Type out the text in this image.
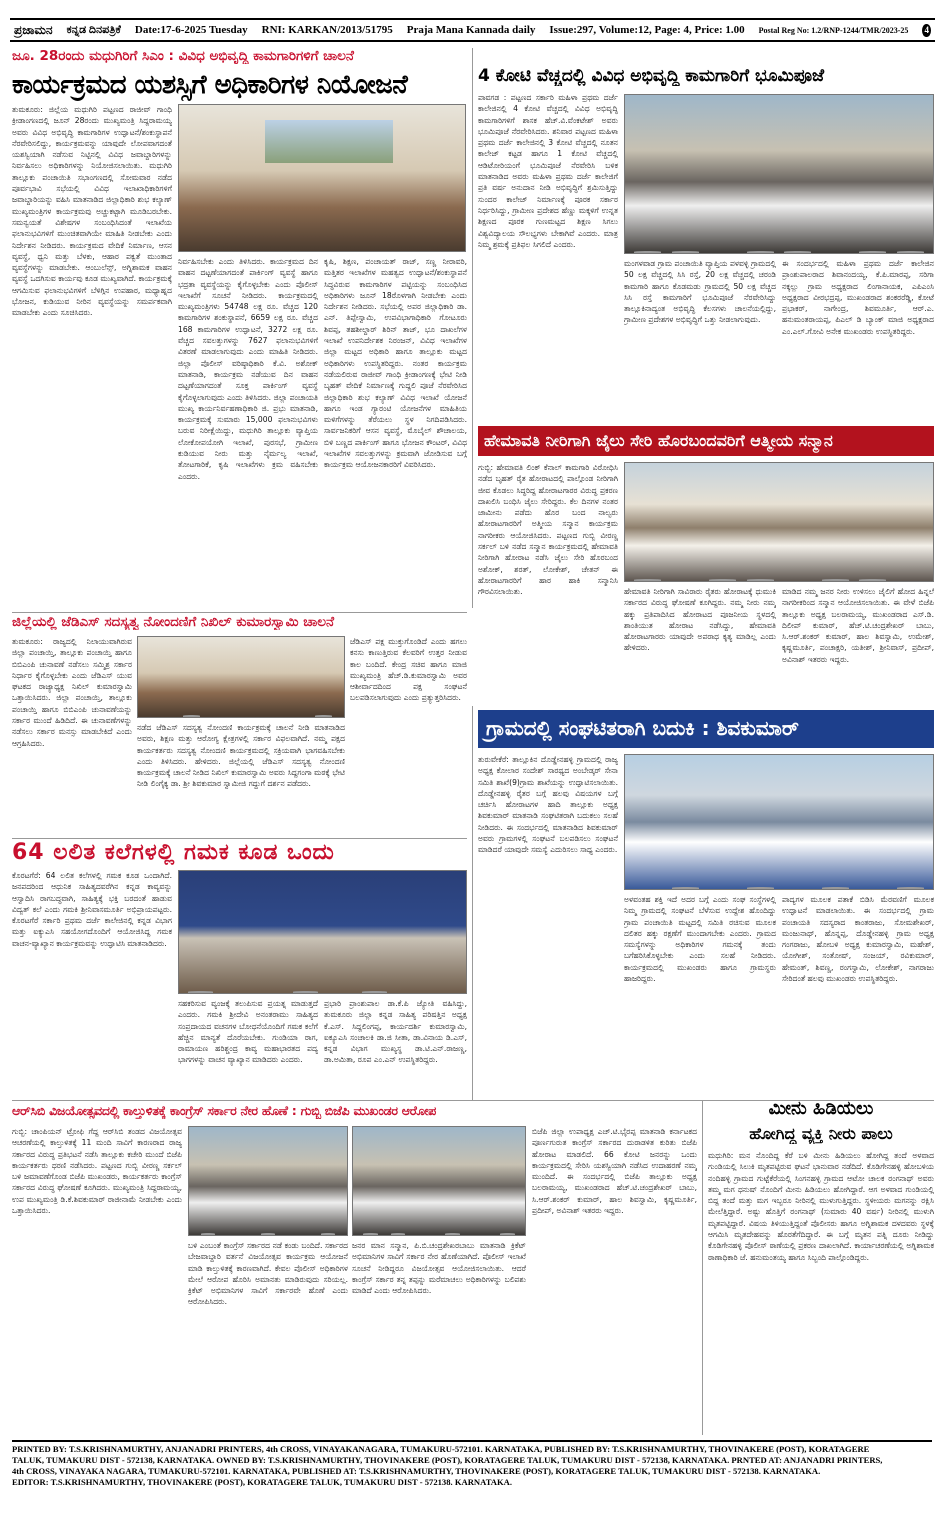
ಪ್ರಜಾಮನ ಕನ್ನಡ ದಿನಪತ್ರಿಕೆ Date:17-6-2025 Tuesday RNI: KARKAN/2013/51795 Praja Mana Kannada daily Issue:297, Volume:12, Page: 4, Price: 1.00 Postal Reg No: 1.2/RNP-1244/TMR/2023-25 4
ಜೂ. 28ರಂದು ಮಧುಗಿರಿಗೆ ಸಿಎಂ : ವಿವಿಧ ಅಭಿವೃದ್ಧಿ ಕಾಮಗಾರಿಗಳಿಗೆ ಚಾಲನೆ
ಕಾರ್ಯಕ್ರಮದ ಯಶಸ್ಸಿಗೆ ಅಧಿಕಾರಿಗಳ ನಿಯೋಜನೆ

ತುಮಕೂರು: ಜಿಲ್ಲೆಯ ಮಧುಗಿರಿ ಪಟ್ಟಣದ ರಾಜೀವ್ ಗಾಂಧಿ ಕ್ರೀಡಾಂಗಣದಲ್ಲಿ ಜೂನ್ 28ರಂದು ಮುಖ್ಯಮಂತ್ರಿ ಸಿದ್ದರಾಮಯ್ಯ ಅವರು ವಿವಿಧ ಅಭಿವೃದ್ಧಿ ಕಾಮಗಾರಿಗಳ ಉದ್ಘಾಟನೆ/ಶಂಕುಸ್ಥಾಪನೆ ನೆರವೇರಿಸಲಿದ್ದು, ಕಾರ್ಯಕ್ರಮವನ್ನು ಯಾವುದೇ ಲೋಪವಾಗದಂತೆ ಯಶಸ್ವಿಯಾಗಿ ನಡೆಸುವ ನಿಟ್ಟಿನಲ್ಲಿ ವಿವಿಧ ಜವಾಬ್ದಾರಿಗಳನ್ನು ನಿರ್ವಹಿಸಲು ಅಧಿಕಾರಿಗಳನ್ನು ನಿಯೋಜಿಸಲಾಯಿತು. ಮಧುಗಿರಿ ತಾಲ್ಲೂಕು ಪಂಚಾಯಿತಿ ಸಭಾಂಗಣದಲ್ಲಿ ಸೋಮವಾರ ನಡೆದ ಪೂರ್ವಭಾವಿ ಸಭೆಯಲ್ಲಿ ವಿವಿಧ ಇಲಾಖಾಧಿಕಾರಿಗಳಿಗೆ ಜವಾಬ್ದಾರಿಯನ್ನು ವಹಿಸಿ ಮಾತನಾಡಿದ ಜಿಲ್ಲಾಧಿಕಾರಿ ಶುಭ ಕಲ್ಯಾಣ್ ಮುಖ್ಯಮಂತ್ರಿಗಳ ಕಾರ್ಯಕ್ರಮವು ಅಚ್ಚುಕಟ್ಟಾಗಿ ಮೂಡಿಬರಬೇಕು. ಸಮನ್ವಯತೆ ವಿಶೇಷಗಳ ಸಂಬಂಧಿಸಿದಂತೆ ಇಲಾಖೆಯ ಫಲಾನುಭವಿಗಳಿಗೆ ಮುಂಚಿತವಾಗಿಯೇ ಮಾಹಿತಿ ನೀಡಬೇಕು ಎಂದು ನಿರ್ದೇಶನ ನೀಡಿದರು. ಕಾರ್ಯಕ್ರಮದ ವೇದಿಕೆ ನಿರ್ಮಾಣ, ಆಸನ ವ್ಯವಸ್ಥೆ, ಧ್ವನಿ ಮತ್ತು ಬೆಳಕು, ಆಹಾರ ಪಕ್ವತೆ ಮುಂತಾದ ವ್ಯವಸ್ಥೆಗಳನ್ನು ಮಾಡಬೇಕು. ಆಂಬುಲೆನ್ಸ್, ಅಗ್ನಿಶಾಮಕ ವಾಹನ ವ್ಯವಸ್ಥೆ ಒದಗಿಸುವ ಕಾರ್ಯವು ಕೂಡ ಮುಖ್ಯವಾಗಿದೆ. ಕಾರ್ಯಕ್ರಮಕ್ಕೆ ಆಗಮಿಸುವ ಫಲಾನುಭವಿಗಳಿಗೆ ಬೆಳಿಗ್ಗಿನ ಉಪಹಾರ, ಮಧ್ಯಾಹ್ನದ ಭೋಜನ, ಕುಡಿಯುವ ನೀರಿನ ವ್ಯವಸ್ಥೆಯನ್ನು ಸಮರ್ಪಕವಾಗಿ ಮಾಡಬೇಕು ಎಂದು ಸೂಚಿಸಿದರು.

ನಿರ್ವಹಿಸಬೇಕು ಎಂದು ತಿಳಿಸಿದರು. ಕಾರ್ಯಕ್ರಮದ ದಿನ ವಾಹನ ದಟ್ಟಣೆಯಾಗದಂತೆ ಪಾರ್ಕಿಂಗ್ ವ್ಯವಸ್ಥೆ ಹಾಗೂ ಭದ್ರತಾ ವ್ಯವಸ್ಥೆಯನ್ನು ಕೈಗೊಳ್ಳಬೇಕು ಎಂದು ಪೊಲೀಸ್ ಇಲಾಖೆಗೆ ಸೂಚನೆ ನೀಡಿದರು. ಕಾರ್ಯಕ್ರಮದಲ್ಲಿ ಮುಖ್ಯಮಂತ್ರಿಗಳು 54748 ಲಕ್ಷ ರೂ. ವೆಚ್ಚದ 120 ಕಾಮಗಾರಿಗಳ ಶಂಕುಸ್ಥಾಪನೆ, 6659 ಲಕ್ಷ ರೂ. ವೆಚ್ಚದ 168 ಕಾಮಗಾರಿಗಳ ಉದ್ಘಾಟನೆ, 3272 ಲಕ್ಷ ರೂ. ವೆಚ್ಚದ ಸವಲತ್ತುಗಳನ್ನು 7627 ಫಲಾನುಭವಿಗಳಿಗೆ ವಿತರಣೆ ಮಾಡಲಾಗುವುದು ಎಂದು ಮಾಹಿತಿ ನೀಡಿದರು. ಜಿಲ್ಲಾ ಪೊಲೀಸ್ ವರಿಷ್ಠಾಧಿಕಾರಿ ಕೆ.ವಿ. ಅಶೋಕ್ ಮಾತನಾಡಿ, ಕಾರ್ಯಕ್ರಮ ನಡೆಯುವ ದಿನ ವಾಹನ ದಟ್ಟಣೆಯಾಗದಂತೆ ಸೂಕ್ತ ಪಾರ್ಕಿಂಗ್ ವ್ಯವಸ್ಥೆ ಕೈಗೊಳ್ಳಲಾಗುವುದು ಎಂದು ತಿಳಿಸಿದರು. ಜಿಲ್ಲಾ ಪಂಚಾಯತಿ ಮುಖ್ಯ ಕಾರ್ಯನಿರ್ವಹಣಾಧಿಕಾರಿ ಜಿ. ಪ್ರಭು ಮಾತನಾಡಿ, ಕಾರ್ಯಕ್ರಮಕ್ಕೆ ಸುಮಾರು 15,000 ಫಲಾನುಭವಿಗಳು ಬರುವ ನಿರೀಕ್ಷೆಯಿದ್ದು, ಮಧುಗಿರಿ ತಾಲ್ಲೂಕು ವ್ಯಾಪ್ತಿಯ ಲೋಕೋಪಯೋಗಿ ಇಲಾಖೆ, ಪುರಸಭೆ, ಗ್ರಾಮೀಣ ಕುಡಿಯುವ ನೀರು ಮತ್ತು ನೈರ್ಮಲ್ಯ ಇಲಾಖೆ, ತೋಟಗಾರಿಕೆ, ಕೃಷಿ ಇಲಾಖೆಗಳು ಕ್ರಮ ವಹಿಸಬೇಕು ಎಂದರು.

ಕೃಷಿ, ಶಿಕ್ಷಣ, ಪಂಚಾಯತ್ ರಾಜ್, ಸಣ್ಣ ನೀರಾವರಿ, ಮತ್ತಿತರ ಇಲಾಖೆಗಳ ಮಹತ್ವದ ಉದ್ಘಾಟನೆ/ಶಂಕುಸ್ಥಾಪನೆ ಸಿದ್ಧವಿರುವ ಕಾಮಗಾರಿಗಳ ಪಟ್ಟಿಯನ್ನು ಸಂಬಂಧಿಸಿದ ಅಧಿಕಾರಿಗಳು ಜೂನ್ 18ರೊಳಗಾಗಿ ನೀಡಬೇಕು ಎಂದು ನಿರ್ದೇಶನ ನೀಡಿದರು. ಸಭೆಯಲ್ಲಿ ಅಪರ ಜಿಲ್ಲಾಧಿಕಾರಿ ಡಾ. ಎನ್. ತಿಪ್ಪೇಸ್ವಾಮಿ, ಉಪವಿಭಾಗಾಧಿಕಾರಿ ಗೋಟೂರು ಶಿವಪ್ಪ, ತಹಶೀಲ್ದಾರ್ ಶಿರಿನ್ ತಾಜ್, ಭೂ ದಾಖಲೆಗಳ ಇಲಾಖೆ ಉಪನಿರ್ದೇಶಕ ನಿರಂಜನ್, ವಿವಿಧ ಇಲಾಖೆಗಳ ಜಿಲ್ಲಾ ಮಟ್ಟದ ಅಧಿಕಾರಿ ಹಾಗೂ ತಾಲ್ಲೂಕು ಮಟ್ಟದ ಅಧಿಕಾರಿಗಳು ಉಪಸ್ಥಿತರಿದ್ದರು. ನಂತರ ಕಾರ್ಯಕ್ರಮ ನಡೆಯಲಿರುವ ರಾಜೀವ್ ಗಾಂಧಿ ಕ್ರೀಡಾಂಗಣಕ್ಕೆ ಭೇಟಿ ನೀಡಿ ಬೃಹತ್ ವೇದಿಕೆ ನಿರ್ಮಾಣಕ್ಕೆ ಗುದ್ದಲಿ ಪೂಜೆ ನೆರವೇರಿಸಿದ ಜಿಲ್ಲಾಧಿಕಾರಿ ಶುಭ ಕಲ್ಯಾಣ್ ವಿವಿಧ ಇಲಾಖೆ ಯೋಜನೆ ಹಾಗೂ ಇಂಡ ಗ್ಯಾರಂಟಿ ಯೋಜನೆಗಳ ಮಾಹಿತಿಯ ಮಳಿಗೆಗಳನ್ನು ತೆರೆಯಲು ಸ್ಥಳ ನಿಗದಿಪಡಿಸಿದರು. ಸಾರ್ವಜನಿಕರಿಗೆ ಆಸನ ವ್ಯವಸ್ಥೆ, ಮೊಬೈಲ್ ಶೌಚಾಲಯ, ಬಿಳಿ ಬಣ್ಣದ ಪಾರ್ಕಿಂಗ್ ಹಾಗೂ ಭೋಜನ ಕೌಂಟರ್, ವಿವಿಧ ಇಲಾಖೆಗಳ ಸವಲತ್ತುಗಳನ್ನು ಕ್ರಮವಾಗಿ ಜೋಡಿಸುವ ಬಗ್ಗೆ ಕಾರ್ಯಕ್ರಮ ಆಯೋಜನಕಾರರಿಗೆ ವಿವರಿಸಿದರು.

4 ಕೋಟಿ ವೆಚ್ಚದಲ್ಲಿ ವಿವಿಧ ಅಭಿವೃದ್ಧಿ ಕಾಮಗಾರಿಗೆ ಭೂಮಿಪೂಜೆ

ಪಾವಗಡ : ಪಟ್ಟಣದ ಸರ್ಕಾರಿ ಮಹಿಳಾ ಪ್ರಥಮ ದರ್ಜೆ ಕಾಲೇಜಿನಲ್ಲಿ 4 ಕೋಟಿ ವೆಚ್ಚದಲ್ಲಿ ವಿವಿಧ ಅಭಿವೃದ್ಧಿ ಕಾಮಗಾರಿಗಳಿಗೆ ಶಾಸಕ ಹೆಚ್.ವಿ.ವೆಂಕಟೇಶ್ ಅವರು ಭೂಮಿಪೂಜೆ ನೆರವೇರಿಸಿದರು. ಶನಿವಾರ ಪಟ್ಟಣದ ಮಹಿಳಾ ಪ್ರಥಮ ದರ್ಜೆ ಕಾಲೇಜಿನಲ್ಲಿ 3 ಕೋಟಿ ವೆಚ್ಚದಲ್ಲಿ ನೂತನ ಕಾಲೇಜ್ ಕಟ್ಟಡ ಹಾಗೂ 1 ಕೋಟಿ ವೆಚ್ಚದಲ್ಲಿ ಆಡಿಟೋರಿಯಂಗೆ ಭೂಮಿಪೂಜೆ ನೆರವೇರಿಸಿ ಬಳಿಕ ಮಾತನಾಡಿದ ಅವರು ಮಹಿಳಾ ಪ್ರಥಮ ದರ್ಜೆ ಕಾಲೇಜಿಗೆ ಪ್ರತಿ ವರ್ಷ ಅನುದಾನ ನೀಡಿ ಅಭಿವೃದ್ಧಿಗೆ ಶ್ರಮಿಸುತ್ತಿದ್ದು ಸುಂದರ ಕಾಲೇಜ್ ನಿರ್ಮಾಣಕ್ಕೆ ಪೂರಕ ಸರ್ಕಾರ ನಿರ್ಧರಿಸಿದ್ದು, ಗ್ರಾಮೀಣ ಪ್ರದೇಶದ ಹೆಣ್ಣು ಮಕ್ಕಳಿಗೆ ಉನ್ನತ ಶಿಕ್ಷಣದ ಪೂರಕ ಗುಣಮಟ್ಟದ ಶಿಕ್ಷಣ ಸಿಗಲು ವಿಶ್ವವಿದ್ಯಾಲಯ ಸೌಲಭ್ಯಗಳು ಬೇಕಾಗಿವೆ ಎಂದರು. ಮಾತ್ರ ನಿಮ್ಮ ಶ್ರಮಕ್ಕೆ ಪ್ರತಿಫಲ ಸಿಗಲಿದೆ ಎಂದರು.

ಮಂಗಳವಾಡ ಗ್ರಾಮ ಪಂಚಾಯಿತಿ ವ್ಯಾಪ್ತಿಯ ಪಳವಳ್ಳಿ ಗ್ರಾಮದಲ್ಲಿ 50 ಲಕ್ಷ ವೆಚ್ಚದಲ್ಲಿ ಸಿಸಿ ರಸ್ತೆ, 20 ಲಕ್ಷ ವೆಚ್ಚದಲ್ಲಿ ಚರಂಡಿ ಕಾಮಗಾರಿ ಹಾಗೂ ಕೊಡಮಡು ಗ್ರಾಮದಲ್ಲಿ 50 ಲಕ್ಷ ವೆಚ್ಚದ ಸಿಸಿ ರಸ್ತೆ ಕಾಮಗಾರಿಗೆ ಭೂಮಿಪೂಜೆ ನೆರವೇರಿಸಿದ್ದು ತಾಲ್ಲೂಕಿನಾದ್ಯಂತ ಅಭಿವೃದ್ಧಿ ಕೆಲಸಗಳು ಚಾಲನೆಯಲ್ಲಿದ್ದು, ಗ್ರಾಮೀಣ ಪ್ರದೇಶಗಳ ಅಭಿವೃದ್ಧಿಗೆ ಒತ್ತು ನೀಡಲಾಗುವುದು.

ಈ ಸಂದರ್ಭದಲ್ಲಿ ಮಹಿಳಾ ಪ್ರಥಮ ದರ್ಜೆ ಕಾಲೇಜಿನ ಪ್ರಾಂಶುಪಾಲರಾದ ಶಿವಾನಂದಯ್ಯ, ಕೆ.ಪಿ.ಮಾರಪ್ಪ, ಸರಿಗಾ ನಕ್ಕಲ್ಲು ಗ್ರಾಮ ಅಧ್ಯಕ್ಷರಾದ ಲಿಂಗಾನಾಯಕ, ಎಪಿಎಂಸಿ ಅಧ್ಯಕ್ಷರಾದ ವೀರಭದ್ರಪ್ಪ, ಮುಖಂಡರಾದ ಶಂಕರರೆಡ್ಡಿ, ಕೋಟೆ ಪ್ರಭಾಕರ್, ನಾಗೇಂದ್ರ, ಶಿವಮೂರ್ತಿ, ಆರ್.ಎ. ಹನುಮಂತರಾಯಪ್ಪ, ಪಿಎಲ್ ಡಿ ಬ್ಯಾಂಕ್ ಮಾಜಿ ಅಧ್ಯಕ್ಷರಾದ ಎಂ.ಎಲ್.ಗೋವಿ ಅನೇಕ ಮುಖಂಡರು ಉಪಸ್ಥಿತರಿದ್ದರು.

ಹೇಮಾವತಿ ನೀರಿಗಾಗಿ ಜೈಲು ಸೇರಿ ಹೊರಬಂದವರಿಗೆ ಆತ್ಮೀಯ ಸನ್ಮಾನ

ಗುಬ್ಬಿ: ಹೇಮಾವತಿ ಲಿಂಕ್ ಕೆನಾಲ್ ಕಾಮಗಾರಿ ವಿರೋಧಿಸಿ ನಡೆದ ಬೃಹತ್ ರೈತ ಹೋರಾಟದಲ್ಲಿ ಪಾಲ್ಗೊಂಡ ನೀರಿಗಾಗಿ ಜೀವ ಕೊಡಲು ಸಿದ್ಧರಿದ್ದ ಹೋರಾಟಗಾರರ ವಿರುದ್ಧ ಪ್ರಕರಣ ದಾಖಲಿಸಿ ಬಂಧಿಸಿ ಜೈಲು ಸೇರಿದ್ದರು. ಕೆಲ ದಿನಗಳ ನಂತರ ಜಾಮೀನು ಪಡೆದು ಹೊರ ಬಂದ ನಾಲ್ವರು ಹೋರಾಟಗಾರರಿಗೆ ಅತ್ಮೀಯ ಸನ್ಮಾನ ಕಾರ್ಯಕ್ರಮ ನಾಗರೀಕರು ಆಯೋಜಿಸಿದರು. ಪಟ್ಟಣದ ಗುಬ್ಬಿ ವೀರಣ್ಣ ಸರ್ಕಲ್ ಬಳಿ ನಡೆದ ಸನ್ಮಾನ ಕಾರ್ಯಕ್ರಮದಲ್ಲಿ ಹೇಮಾವತಿ ನೀರಿಗಾಗಿ ಹೋರಾಟ ನಡೆಸಿ ಜೈಲು ಸೇರಿ ಹೊರಬಂದ ಅಶೋಕ್, ಶರತ್, ಲೋಕೇಶ್, ಚೇತನ್ ಈ ಹೋರಾಟಗಾರರಿಗೆ ಹಾರ ಹಾಕಿ ಸನ್ಮಾನಿಸಿ ಗೌರವಿಸಲಾಯಿತು.	ಹೇಮಾವತಿ ನೀರಿಗಾಗಿ ಸಾವಿರಾರು ರೈತರು ಹೋರಾಟಕ್ಕೆ ಧುಮುಕಿ ಸರ್ಕಾರದ ವಿರುದ್ಧ ಘೋಷಣೆ ಕೂಗಿದ್ದರು. ನಮ್ಮ ನೀರು ನಮ್ಮ ಹಕ್ಕು ಪ್ರತಿಪಾದಿಸಿದ ಹೋರಾಟದ ಪೂಜನೀಯ ಸ್ಥಳದಲ್ಲಿ ಶಾಂತಿಯುತ ಹೋರಾಟ ನಡೆಸಿದ್ದು, ಹೇಮಾವತಿ ಹೋರಾಟಗಾರರು ಯಾವುದೇ ಅಪರಾಧ ಕೃತ್ಯ ಮಾಡಿಲ್ಲ ಎಂದು ಹೇಳಿದರು.

ಮಾಡಿದ ನಮ್ಮ ಜನರ ನೀರು ಉಳಿಸಲು ಜೈಲಿಗೆ ಹೋದ ಹಿನ್ನಲೆ ನಾಗರೀಕರಿಂದ ಸನ್ಮಾನ ಆಯೋಜಿಸಲಾಯಿತು. ಈ ವೇಳೆ ಬಿಜೆಪಿ ತಾಲ್ಲೂಕು ಅಧ್ಯಕ್ಷ ಬಲರಾಮಯ್ಯ, ಮುಖಂಡರಾದ ಎಸ್.ಡಿ. ದಿಲೀಪ್ ಕುಮಾರ್, ಹೆಚ್.ಟಿ.ಚಂದ್ರಶೇಖರ್ ಬಾಬು, ಸಿ.ಆರ್.ಶಂಕರ್ ಕುಮಾರ್, ಹಾಲ ಶಿವಸ್ವಾಮಿ, ಉಮೇಶ್, ಕೃಷ್ಣಮೂರ್ತಿ, ಪಂಚಾಕ್ಷರಿ, ಯತೀಶ್, ಶ್ರೀನಿವಾಸ್, ಪ್ರದೀಪ್, ಅವಿನಾಶ್ ಇತರರು ಇದ್ದರು.

ಜಿಲ್ಲೆಯಲ್ಲಿ ಜೆಡಿಎಸ್ ಸದಸ್ಯತ್ವ ನೋಂದಣಿಗೆ ನಿಖಿಲ್ ಕುಮಾರಸ್ವಾಮಿ ಚಾಲನೆ

ತುಮಕೂರು: ರಾಜ್ಯದಲ್ಲಿ ನಿಲಾಯುವಾಗಿರುವ ಜಿಲ್ಲಾ ಪಂಚಾಯ್ತಿ, ತಾಲ್ಲೂಕು ಪಂಚಾಯ್ತಿ ಹಾಗೂ ಬಿಬಿಎಂಪಿ ಚುನಾವಣೆ ನಡೆಸಲು ಸಮ್ಮಿಶ್ರ ಸರ್ಕಾರ ನಿರ್ಧಾರ ಕೈಗೊಳ್ಳಬೇಕು ಎಂದು ಜೆಡಿಎಸ್ ಯುವ ಘಟಕದ ರಾಜ್ಯಾಧ್ಯಕ್ಷ ನಿಖಿಲ್ ಕುಮಾರಸ್ವಾಮಿ ಒತ್ತಾಯಿಸಿದರು. ಜಿಲ್ಲಾ ಪಂಚಾಯ್ತಿ, ತಾಲ್ಲೂಕು ಪಂಚಾಯ್ತಿ ಹಾಗೂ ಬಿಬಿಎಂಪಿ ಚುನಾವಣೆಯನ್ನು ಸರ್ಕಾರ ಮುಂದೆ ಹಿಡಿದಿದೆ. ಈ ಚುನಾವಣೆಗಳನ್ನು ನಡೆಸಲು ಸರ್ಕಾರ ಮನಸ್ಸು ಮಾಡಬೇಕಿದೆ ಎಂದು ಆಗ್ರಹಿಸಿದರು.

ನಡೆದ ಜೆಡಿಎಸ್ ಸದಸ್ಯತ್ವ ನೋಂದಣಿ ಕಾರ್ಯಕ್ರಮಕ್ಕೆ ಚಾಲನೆ ನೀಡಿ ಮಾತನಾಡಿದ ಅವರು, ಶಿಕ್ಷಣ ಮತ್ತು ಆರೋಗ್ಯ ಕ್ಷೇತ್ರಗಳಲ್ಲಿ ಸರ್ಕಾರ ವಿಫಲವಾಗಿದೆ. ನಮ್ಮ ಪಕ್ಷದ ಕಾರ್ಯಕರ್ತರು ಸದಸ್ಯತ್ವ ನೋಂದಣಿ ಕಾರ್ಯಕ್ರಮದಲ್ಲಿ ಸಕ್ರಿಯವಾಗಿ ಭಾಗವಹಿಸಬೇಕು ಎಂದು ತಿಳಿಸಿದರು. ಹೇಳಿದರು. ಜಿಲ್ಲೆಯಲ್ಲಿ ಜೆಡಿಎಸ್ ಸದಸ್ಯತ್ವ ನೋಂದಣಿ ಕಾರ್ಯಕ್ರಮಕ್ಕೆ ಚಾಲನೆ ನೀಡಿದ ನಿಖಿಲ್ ಕುಮಾರಸ್ವಾಮಿ ಅವರು ಸಿದ್ದಗಂಗಾ ಮಠಕ್ಕೆ ಭೇಟಿ ನೀಡಿ ಲಿಂಗೈಕ್ಯ ಡಾ. ಶ್ರೀ ಶಿವಕುಮಾರ ಸ್ವಾಮೀಜಿ ಗದ್ದುಗೆ ದರ್ಶನ ಪಡೆದರು.

ಜೆಡಿಎಸ್ ಪಕ್ಷ ಮುಕ್ತುಗೊಂಡಿದೆ ಎಂದು ಹಗಲು ಕನಸು ಕಾಣುತ್ತಿರುವ ಕೆಲವರಿಗೆ ಉತ್ತರ ನೀಡುವ ಕಾಲ ಬಂದಿದೆ. ಕೇಂದ್ರ ಸಚಿವ ಹಾಗೂ ಮಾಜಿ ಮುಖ್ಯಮಂತ್ರಿ ಹೆಚ್.ಡಿ.ಕುಮಾರಸ್ವಾಮಿ ಅವರ ಆಶೀರ್ವಾದದಿಂದ ಪಕ್ಷ ಸಂಘಟನೆ ಬಲಪಡಿಸಲಾಗುವುದು ಎಂದು ಪ್ರತ್ಯುತ್ತರಿಸಿದರು.

64 ಲಲಿತ ಕಲೆಗಳಲ್ಲಿ ಗಮಕ ಕೂಡ ಒಂದು

ಕೊರಟಗೆರೆ: 64 ಲಲಿತ ಕಲೆಗಳಲ್ಲಿ ಗಮಕ ಕೂಡ ಒಂದಾಗಿದೆ. ಜನಪದರಿಂದ ಆಧುನಿಕ ಸಾಹಿತ್ಯದವರೆಗಿನ ಕನ್ನಡ ಕಾವ್ಯವನ್ನು ಆಸ್ವಾದಿಸಿ ರಾಗಬದ್ಧವಾಗಿ, ಸಾಹಿತ್ಯಕ್ಕೆ ಭಕ್ತಿ ಬರದಂತೆ ಹಾಡುವ ವಿದ್ವತ್ ಕಲೆ ಎಂದು ಗಮಕಿ ಶ್ರೀನಿವಾಸಮೂರ್ತಿ ಅಭಿಪ್ರಾಯಪಟ್ಟರು. ಕೊರಟಗೆರೆ ಸರ್ಕಾರಿ ಪ್ರಥಮ ದರ್ಜೆ ಕಾಲೇಜಿನಲ್ಲಿ ಕನ್ನಡ ವಿಭಾಗ ಮತ್ತು ಐಕ್ಯುಎಸಿ ಸಹಯೋಗದೊಂದಿಗೆ ಆಯೋಜಿಸಿದ್ದ ಗಮಕ ವಾಚನ-ವ್ಯಾಖ್ಯಾನ ಕಾರ್ಯಕ್ರಮವನ್ನು ಉದ್ಘಾಟಿಸಿ ಮಾತನಾಡಿದರು.

ಸಹಕರಿಸುವ ವ್ಯಂಜಕ್ಕೆ ತಲುಪಿಸುವ ಪ್ರಯತ್ನ ಮಾಡುತ್ತದೆ ಎಂದರು. ಗಮಕಿ ಶ್ರೀದೇವಿ ಅನಂತರಾಮು ಸಾಹಿತ್ಯದ ಸಂಪ್ರದಾಯದ ವಚನಗಳ ಬೋಧನೆಯೊಂದಿಗೆ ಗಮಕ ಕಲೆಗೆ ಹೆಚ್ಚಿನ ಮಾನ್ಯತೆ ದೊರೆಯಬೇಕು. ಗುಂಡಿಯಾ ರಾಗ, ರಾಮಾಯಣ ಹರಿಶ್ಚಂದ್ರ ಕಾವ್ಯ ಮಹಾಭಾರತದ ಪದ್ಯ ಭಾಗಗಳನ್ನು ವಾಚನ ವ್ಯಾಖ್ಯಾನ ಮಾಡಿದರು ಎಂದರು.

ಪ್ರಭಾರಿ ಪ್ರಾಂಶುಪಾಲ ಡಾ.ಕೆ.ಪಿ ಜ್ಯೋತಿ ವಹಿಸಿದ್ದು, ತುಮಕೂರು ಜಿಲ್ಲಾ ಕನ್ನಡ ಸಾಹಿತ್ಯ ಪರಿಷತ್ತಿನ ಅಧ್ಯಕ್ಷ ಕೆ.ಎಸ್. ಸಿದ್ದಲಿಂಗಪ್ಪ, ಕಾರ್ಯದರ್ಶಿ ಕುಮಾರಸ್ವಾಮಿ, ಐಕ್ಯೂಎಸಿ ಸಂಚಾಲಕಿ ಡಾ.ಜಿ ಸೀತಾ, ಡಾ.ವಿನಾಯ ಡಿ.ಎಸ್, ಕನ್ನಡ ವಿಭಾಗ ಮುಖ್ಯಸ್ಥ ಡಾ.ಟಿ.ಎನ್.ರಾಜಣ್ಣ, ಡಾ.ಅಮಿತಾ, ರೂಪ ಎಂ.ಎನ್ ಉಪಸ್ಥಿತರಿದ್ದರು.

ಗ್ರಾಮದಲ್ಲಿ ಸಂಘಟಿತರಾಗಿ ಬದುಕಿ : ಶಿವಕುಮಾರ್

ತುರುವೇಕೆರೆ: ತಾಲ್ಲೂಕಿನ ದೊಡ್ಡೇನಹಳ್ಳಿ ಗ್ರಾಮದಲ್ಲಿ ರಾಜ್ಯ ಅಧ್ಯಕ್ಷ ಕೋಲಾರ ಸಂದೇಶ್ ಸಾರಥ್ಯದ ಅಂಬೇಡ್ಕರ್ ಸೇನಾ ಸಮಿತಿ ಶಾಖೆ(9)ಗ್ರಾಮ ಶಾಖೆಯನ್ನು ಉದ್ಘಾಟಿಸಲಾಯಿತು. ದೊಡ್ಡೇನಹಳ್ಳಿ ರೈತರ ಬಗ್ಗೆ ಹಲವು ವಿಷಯಗಳ ಬಗ್ಗೆ ಚರ್ಚಿಸಿ ಹೋರಾಟಗಳ ಹಾದಿ ತಾಲ್ಲೂಕು ಅಧ್ಯಕ್ಷ ಶಿವಕುಮಾರ್ ಮಾತನಾಡಿ ಸಂಘಟಿತರಾಗಿ ಬದುಕಲು ಸಲಹೆ ನೀಡಿದರು. ಈ ಸಂದರ್ಭದಲ್ಲಿ ಮಾತನಾಡಿದ ಶಿವಕುಮಾರ್ ಅವರು ಗ್ರಾಮಗಳಲ್ಲಿ ಸಂಘಟನೆ ಬಲಪಡಿಸಲು ಸಂಘಟನೆ ಮಾಡಿದರೆ ಯಾವುದೇ ಸಮಸ್ಯೆ ಎದುರಿಸಲು ಸಾಧ್ಯ ಎಂದರು.

ಅಳವಂತಹ ಶಕ್ತಿ ಇದೆ ಅದರ ಬಗ್ಗೆ ಎಂದು ಸಂಘ ಸಂಸ್ಥೆಗಳಲ್ಲಿ ನಿಮ್ಮ ಗ್ರಾಮದಲ್ಲಿ ಸಂಘಟನೆ ಬೆಳೆಸುವ ಉದ್ದೇಶ ಹೊಂದಿದ್ದು ಗ್ರಾಮ ಪಂಚಾಯಿತಿ ಮಟ್ಟದಲ್ಲಿ ಸಮಿತಿ ರಚಿಸುವ ಮೂಲಕ ದಲಿತರ ಹಕ್ಕು ರಕ್ಷಣೆಗೆ ಮುಂದಾಗಬೇಕು ಎಂದರು. ಗ್ರಾಮದ ಸಮಸ್ಯೆಗಳನ್ನು ಅಧಿಕಾರಿಗಳ ಗಮನಕ್ಕೆ ತಂದು ಬಗೆಹರಿಸಿಕೊಳ್ಳಬೇಕು ಎಂದು ಸಲಹೆ ನೀಡಿದರು. ಕಾರ್ಯಕ್ರಮದಲ್ಲಿ ಮುಖಂಡರು ಹಾಗೂ ಗ್ರಾಮಸ್ಥರು ಹಾಜರಿದ್ದರು.

ಪಾದ್ಯಗಳ ಮೂಲಕ ಪತಾಕೆ ಬಿಡಿಸಿ ಮೆರವಣಿಗೆ ಮೂಲಕ ಉದ್ಘಾಟನೆ ಮಾಡಲಾಯಿತು. ಈ ಸಂದರ್ಭದಲ್ಲಿ ಗ್ರಾಮ ಪಂಚಾಯತಿ ಸದಸ್ಯರಾದ ಕಾಂತರಾಜು, ಸೋಮಶೇಖರ್, ಮಂಜುನಾಥ್, ಹೊನ್ನಪ್ಪ, ದೊಡ್ಡೇನಹಳ್ಳಿ ಗ್ರಾಮ ಅಧ್ಯಕ್ಷ ಗಂಗರಾಜು, ಹೋಬಳಿ ಅಧ್ಯಕ್ಷ ಕುಮಾರಸ್ವಾಮಿ, ಮಹೇಶ್, ಯೋಗೀಶ್, ಸಂತೋಷ್, ಸಂಜಯ್, ರವಿಕುಮಾರ್, ಹೇಮಂತ್, ಶಿವಣ್ಣ, ರಂಗಸ್ವಾಮಿ, ಲೋಕೇಶ್, ನಾಗರಾಜು ಸೇರಿದಂತೆ ಹಲವು ಮುಖಂಡರು ಉಪಸ್ಥಿತರಿದ್ದರು.

ಆರ್‌ಸಿಬಿ ವಿಜಯೋತ್ಸವದಲ್ಲಿ ಕಾಲ್ತುಳಿತಕ್ಕೆ ಕಾಂಗ್ರೆಸ್ ಸರ್ಕಾರ ನೇರ ಹೊಣೆ : ಗುಬ್ಬಿ ಬಿಜೆಪಿ ಮುಖಂಡರ ಆರೋಪ

ಗುಬ್ಬಿ: ಚಾಂಪಿಯನ್ ಟ್ರೋಫಿ ಗೆದ್ದ ಆರ್‌ಸಿಬಿ ತಂಡದ ವಿಜಯೋತ್ಸವ ಆಚರಣೆಯಲ್ಲಿ ಕಾಲ್ತುಳಿತಕ್ಕೆ 11 ಮಂದಿ ಸಾವಿಗೆ ಕಾರಣರಾದ ರಾಜ್ಯ ಸರ್ಕಾರದ ವಿರುದ್ಧ ಪ್ರತಿಭಟನೆ ನಡೆಸಿ ತಾಲ್ಲೂಕು ಕಚೇರಿ ಮುಂದೆ ಬಿಜೆಪಿ ಕಾರ್ಯಕರ್ತರು ಧರಣಿ ನಡೆಸಿದರು. ಪಟ್ಟಣದ ಗುಬ್ಬಿ ವೀರಣ್ಣ ಸರ್ಕಲ್ ಬಳಿ ಜಮಾವಣೆಗೊಂಡ ಬಿಜೆಪಿ ಮುಖಂಡರು, ಕಾರ್ಯಕರ್ತರು ಕಾಂಗ್ರೆಸ್ ಸರ್ಕಾರದ ವಿರುದ್ಧ ಘೋಷಣೆ ಕೂಗಿದರು. ಮುಖ್ಯಮಂತ್ರಿ ಸಿದ್ದರಾಮಯ್ಯ, ಉಪ ಮುಖ್ಯಮಂತ್ರಿ ಡಿ.ಕೆ.ಶಿವಕುಮಾರ್ ರಾಜೀನಾಮೆ ನೀಡಬೇಕು ಎಂದು ಒತ್ತಾಯಿಸಿದರು.

ಬಳಿ ಎಂಬಂತೆ ಕಾಂಗ್ರೆಸ್ ಸರ್ಕಾರದ ನಡೆ ಕಂಡು ಬಂದಿದೆ. ಸರ್ಕಾರದ ಬೇಜವಾಬ್ದಾರಿ ವರ್ತನೆ ವಿಜಯೋತ್ಸವ ಕಾರ್ಯಕ್ರಮ ಆಯೋಜನೆ ಮಾಡಿ ಕಾಲ್ತುಳಿತಕ್ಕೆ ಕಾರಣವಾಗಿದೆ. ಕೇವಲ ಪೊಲೀಸ್ ಅಧಿಕಾರಿಗಳ ಮೇಲೆ ಆರೋಪ ಹೊರಿಸಿ ಅಮಾನತು ಮಾಡಿರುವುದು ಸರಿಯಲ್ಲ. ಕ್ರಿಕೆಟ್ ಅಭಿಮಾನಿಗಳ ಸಾವಿಗೆ ಸರ್ಕಾರವೇ ಹೊಣೆ ಎಂದು ಆರೋಪಿಸಿದರು.

ಜನರ ಮಾನ ಸನ್ಮಾನ, ಪಿ.ಬಿ.ಚಂದ್ರಶೇಖರಬಾಬು ಮಾತನಾಡಿ ಕ್ರಿಕೆಟ್ ಅಭಿಮಾನಿಗಳ ಸಾವಿಗೆ ಸರ್ಕಾರ ನೇರ ಹೊಣೆಯಾಗಿದೆ. ಪೊಲೀಸ್ ಇಲಾಖೆ ಸೂಚನೆ ನೀಡಿದ್ದರೂ ವಿಜಯೋತ್ಸವ ಆಯೋಜಿಸಲಾಯಿತು. ಆದರೆ ಕಾಂಗ್ರೆಸ್ ಸರ್ಕಾರ ತನ್ನ ತಪ್ಪನ್ನು ಮರೆಮಾಚಲು ಅಧಿಕಾರಿಗಳನ್ನು ಬಲಿಪಶು ಮಾಡಿದೆ ಎಂದು ಆರೋಪಿಸಿದರು.

ಬಿಜೆಪಿ ಜಿಲ್ಲಾ ಉಪಾಧ್ಯಕ್ಷ ಎಚ್.ಟಿ.ಭೈರಪ್ಪ ಮಾತನಾಡಿ ಕರ್ನಾಟಕದ ಪೂರ್ಣಗುರುತ ಕಾಂಗ್ರೆಸ್ ಸರ್ಕಾರದ ದುರಾಡಳಿತ ಕುರಿತು ಬಿಜೆಪಿ ಹೋರಾಟ ಮಾಡಲಿದೆ. 66 ಕೋಟಿ ಜನರನ್ನು ಒಂದು ಕಾರ್ಯಕ್ರಮದಲ್ಲಿ ಸೇರಿಸಿ ಯಶಸ್ವಿಯಾಗಿ ನಡೆಸಿದ ಉದಾಹರಣೆ ನಮ್ಮ ಮುಂದಿದೆ. ಈ ಸಂದರ್ಭದಲ್ಲಿ ಬಿಜೆಪಿ ತಾಲ್ಲೂಕು ಅಧ್ಯಕ್ಷ ಬಲರಾಮಯ್ಯ, ಮುಖಂಡರಾದ ಹೆಚ್.ಟಿ.ಚಂದ್ರಶೇಖರ್ ಬಾಬು, ಸಿ.ಆರ್.ಶಂಕರ್ ಕುಮಾರ್, ಹಾಲ ಶಿವಸ್ವಾಮಿ, ಕೃಷ್ಣಮೂರ್ತಿ, ಪ್ರದೀಪ್, ಅವಿನಾಶ್ ಇತರರು ಇದ್ದರು.

ಮೀನು ಹಿಡಿಯಲು
ಹೋಗಿದ್ದ ವ್ಯಕ್ತಿ ನೀರು ಪಾಲು

ಮಧುಗಿರಿ: ಮನ ನೊಂದಿದ್ದ ಕೆರೆ ಬಳಿ ಮೀನು ಹಿಡಿಯಲು ಹೋಗಿದ್ದ ತಂದೆ ಅಳವಾದ ಗುಂಡಿಯಲ್ಲಿ ಸಿಲುಕಿ ಮೃತಪಟ್ಟಿರುವ ಘಟನೆ ಭಾನುವಾರ ನಡೆದಿದೆ. ಕೊಡಿಗೇನಹಳ್ಳಿ ಹೋಬಳಿಯ ನಂದಿಹಳ್ಳಿ ಗ್ರಾಮದ ಗುಟ್ಟೆಕೆರೆಯಲ್ಲಿ ಸಿಂಗನಹಳ್ಳಿ ಗ್ರಾಮದ ಆಟೋ ಚಾಲಕ ರಂಗನಾಥ್ ಅವರು ತಮ್ಮ ಮಗ ಧನುಷ್ ನೊಂದಿಗೆ ಮೀನು ಹಿಡಿಯಲು ಹೋಗಿದ್ದಾರೆ. ಆಗ ಅಳವಾದ ಗುಂಡಿಯಲ್ಲಿ ಬಿದ್ದ ತಂದೆ ಮತ್ತು ಮಗ ಇಬ್ಬರೂ ನೀರಿನಲ್ಲಿ ಮುಳುಗುತ್ತಿದ್ದರು. ಸ್ಥಳೀಯರು ಮಗನನ್ನು ರಕ್ಷಿಸಿ ಮೇಲೆತ್ತಿದ್ದಾರೆ. ಅಷ್ಟು ಹೊತ್ತಿಗೆ ರಂಗನಾಥ್ (ಸುಮಾರು 40 ವರ್ಷ) ನೀರಿನಲ್ಲಿ ಮುಳುಗಿ ಮೃತಪಟ್ಟಿದ್ದಾರೆ. ವಿಷಯ ತಿಳಿಯುತ್ತಿದ್ದಂತೆ ಪೊಲೀಸರು ಹಾಗೂ ಅಗ್ನಿಶಾಮಕ ದಳದವರು ಸ್ಥಳಕ್ಕೆ ಆಗಮಿಸಿ ಮೃತದೇಹವನ್ನು ಹೊರತೆಗೆದಿದ್ದಾರೆ. ಈ ಬಗ್ಗೆ ಮೃತನ ಪತ್ನಿ ದೂರು ನೀಡಿದ್ದು ಕೊಡಿಗೇನಹಳ್ಳಿ ಪೊಲೀಸ್ ಠಾಣೆಯಲ್ಲಿ ಪ್ರಕರಣ ದಾಖಲಾಗಿದೆ. ಕಾರ್ಯಾಚರಣೆಯಲ್ಲಿ ಅಗ್ನಿಶಾಮಕ ಠಾಣಾಧಿಕಾರಿ ಜೆ. ಹನುಮಂತಯ್ಯ ಹಾಗೂ ಸಿಬ್ಬಂದಿ ಪಾಲ್ಗೊಂಡಿದ್ದರು.

PRINTED BY: T.S.KRISHNAMURTHY, ANJANADRI PRINTERS, 4th CROSS, VINAYAKANAGARA, TUMAKURU-572101. KARNATAKA, PUBLISHED BY: T.S.KRISHNAMURTHY, THOVINAKERE (POST), KORATAGERE
TALUK, TUMAKURU DIST - 572138, KARNATAKA. OWNED BY: T.S.KRISHNAMURTHY, THOVINAKERE (POST), KORATAGERE TALUK, TUMAKURU DIST - 572138, KARNATAKA. PRNTED AT: ANJANADRI PRINTERS,
4th CROSS, VINAYAKA NAGARA, TUMAKURU-572101. KARNATAKA, PUBLISHED AT: T.S.KRISHNAMURTHY, THOVINAKERE (POST), KORATAGERE TALUK, TUMAKURU DIST - 572138. KARNATAKA.
EDITOR: T.S.KRISHNAMURTHY, THOVINAKERE (POST), KORATAGERE TALUK, TUMAKURU DIST - 572138. KARNATAKA.
